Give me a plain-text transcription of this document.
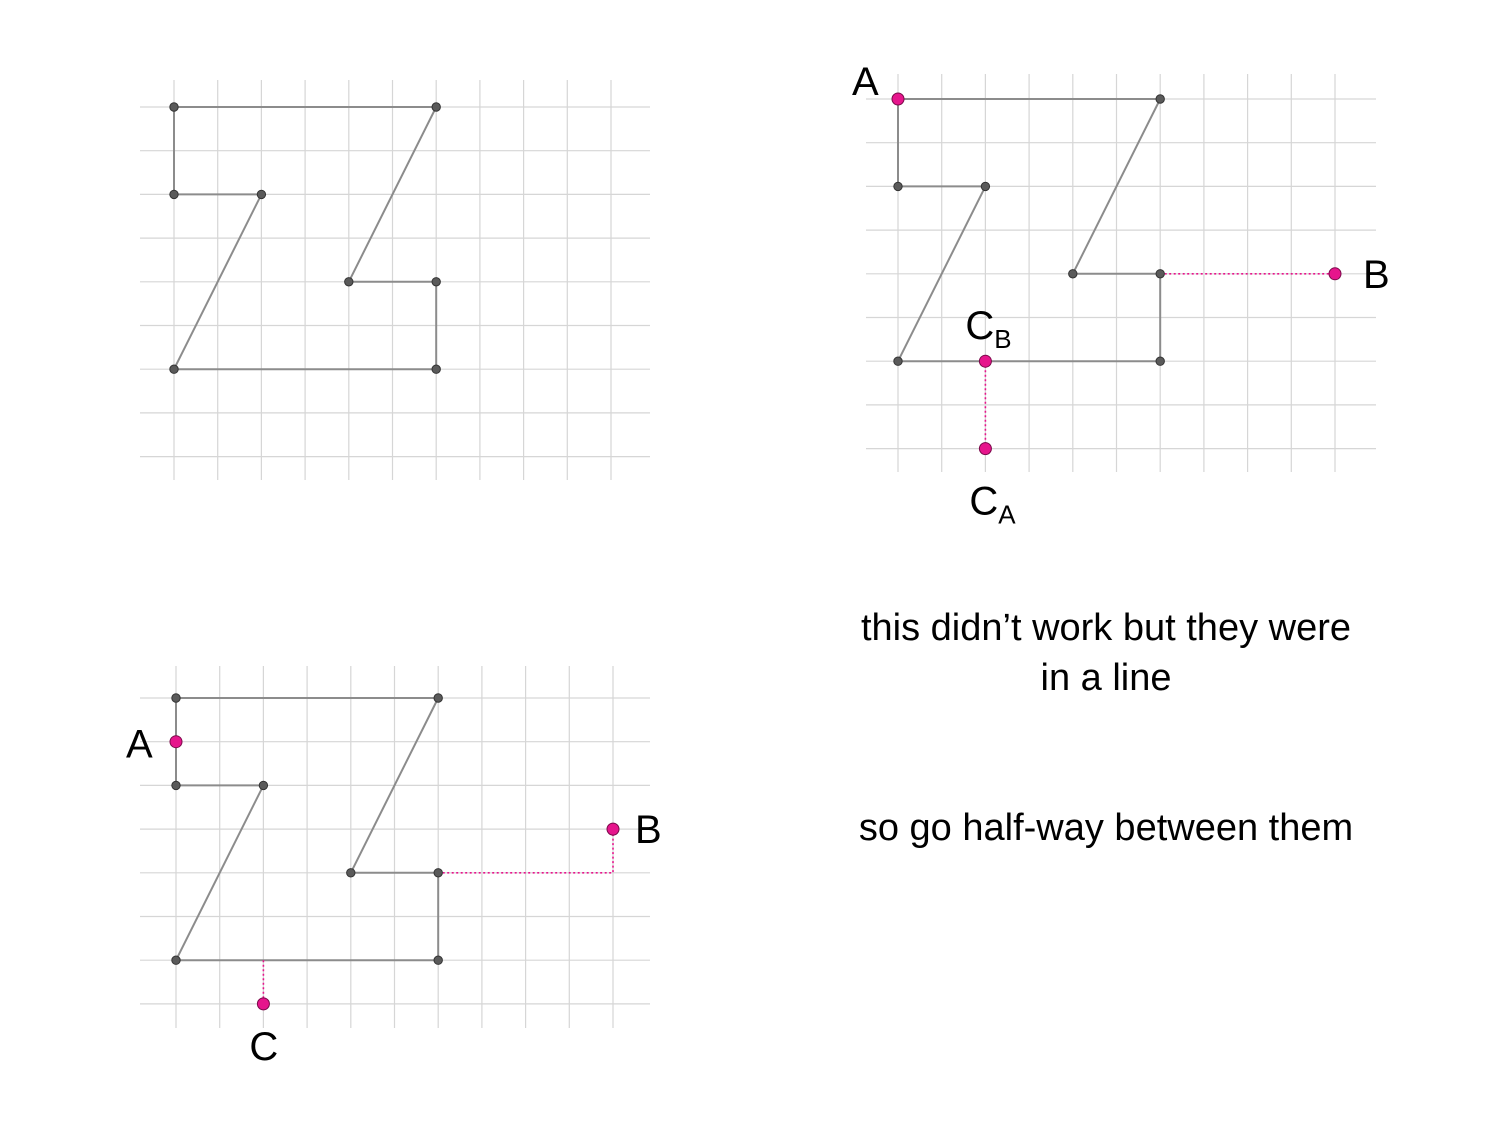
A
B
$C_B$
$C_A$
A
B
C
this didn’t work but they were in a line
so go half-way between them
